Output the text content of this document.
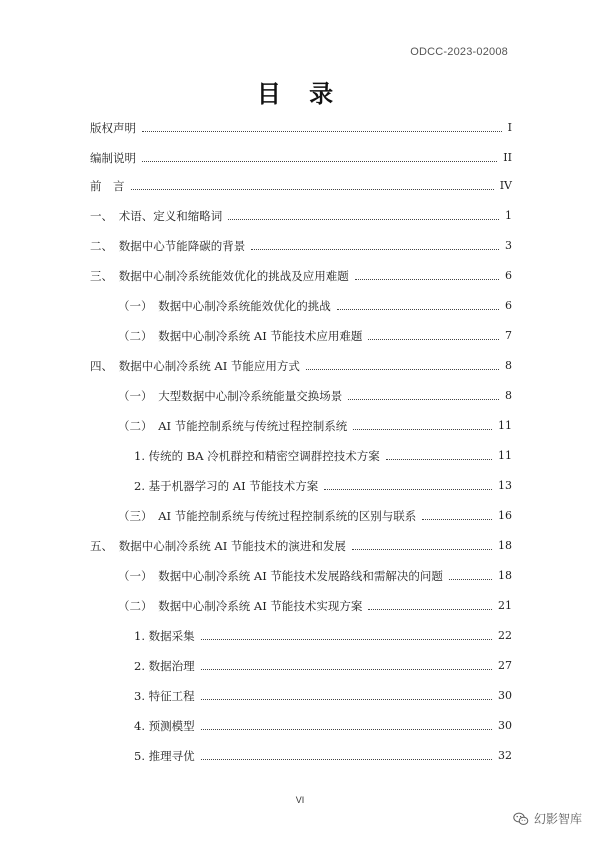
ODCC-2023-02008
目 录
版权声明	I
编制说明	II
前　言	IV
一、　术语、定义和缩略词	1
二、　数据中心节能降碳的背景	3
三、　数据中心制冷系统能效优化的挑战及应用难题	6
（一）　数据中心制冷系统能效优化的挑战	6
（二）　数据中心制冷系统 AI 节能技术应用难题	7
四、　数据中心制冷系统 AI 节能应用方式	8
（一）　大型数据中心制冷系统能量交换场景	8
（二）　AI 节能控制系统与传统过程控制系统	11
1. 传统的 BA 冷机群控和精密空调群控技术方案	11
2. 基于机器学习的 AI 节能技术方案	13
（三）　AI 节能控制系统与传统过程控制系统的区别与联系	16
五、　数据中心制冷系统 AI 节能技术的演进和发展	18
（一）　数据中心制冷系统 AI 节能技术发展路线和需解决的问题	18
（二）　数据中心制冷系统 AI 节能技术实现方案	21
1. 数据采集	22
2. 数据治理	27
3. 特征工程	30
4. 预测模型	30
5. 推理寻优	32
VI
幻影智库
